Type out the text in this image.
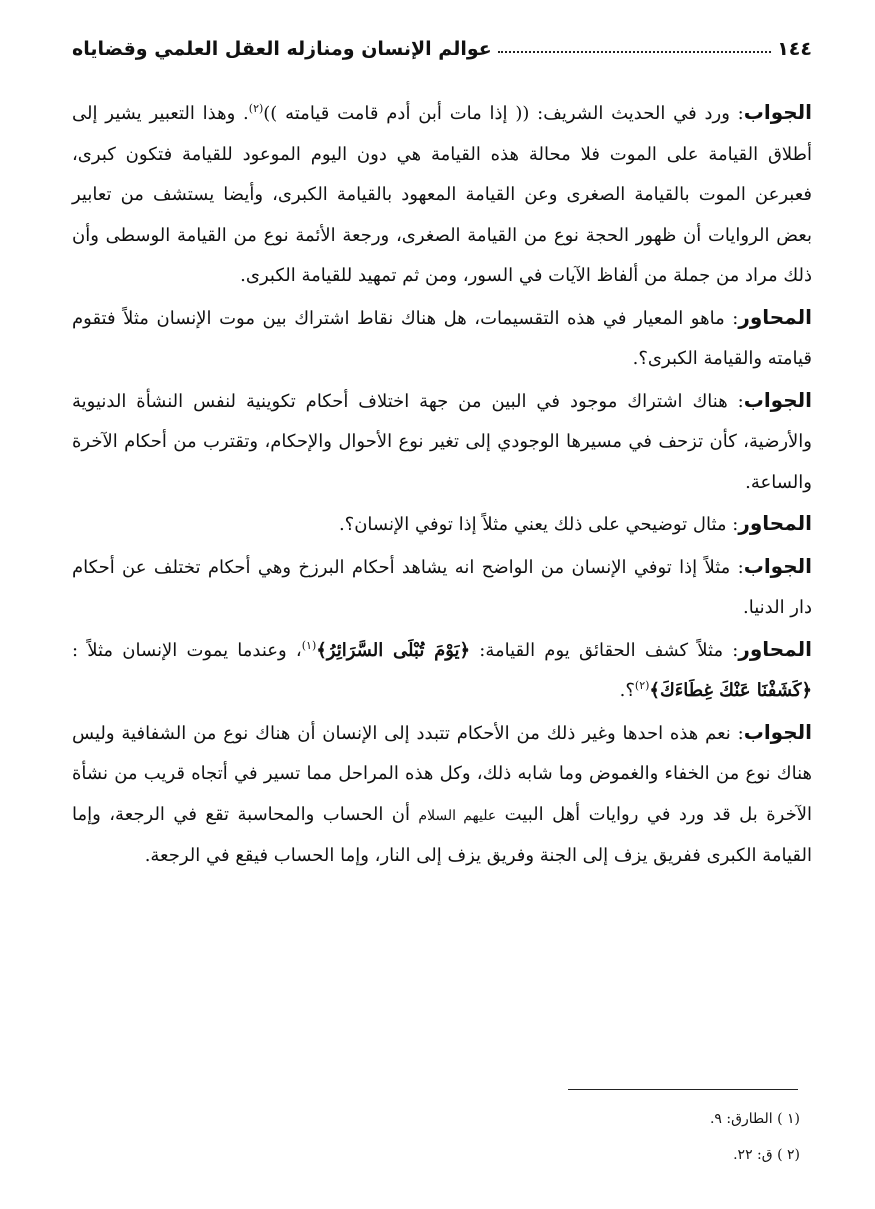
١٤٤
عوالم الإنسان ومنازله العقل العلمي وقضاياه

الجواب: ورد في الحديث الشريف: (( إذا مات أبن أدم قامت قيامته ))$^{(٢)}$. وهذا التعبير يشير إلى أطلاق القيامة على الموت فلا محالة هذه القيامة هي دون اليوم الموعود للقيامة فتكون كبرى، فعبرعن الموت بالقيامة الصغرى وعن القيامة المعهود بالقيامة الكبرى، وأيضا يستشف من تعابير بعض الروايات أن ظهور الحجة نوع من القيامة الصغرى، ورجعة الأئمة نوع من القيامة الوسطى وأن ذلك مراد من جملة من ألفاظ الآيات في السور، ومن ثم تمهيد للقيامة الكبرى.

المحاور: ماهو المعيار في هذه التقسيمات، هل هناك نقاط اشتراك بين موت الإنسان مثلاً فتقوم قيامته والقيامة الكبرى؟.

الجواب: هناك اشتراك موجود في البين من جهة اختلاف أحكام تكوينية لنفس النشأة الدنيوية والأرضية، كأن تزحف في مسيرها الوجودي إلى تغير نوع الأحوال والإحكام، وتقترب من أحكام الآخرة والساعة.

المحاور: مثال توضيحي على ذلك يعني مثلاً إذا توفي الإنسان؟.

الجواب: مثلاً إذا توفي الإنسان من الواضح انه يشاهد أحكام البرزخ وهي أحكام تختلف عن أحكام دار الدنيا.

المحاور: مثلاً كشف الحقائق يوم القيامة: ﴿يَوْمَ تُبْلَى السَّرَائِرُ﴾$^{(١)}$، وعندما يموت الإنسان مثلاً : ﴿كَشَفْنَا عَنْكَ غِطَاءَكَ﴾$^{(٢)}$؟.

الجواب: نعم هذه احدها وغير ذلك من الأحكام تتبدد إلى الإنسان أن هناك نوع من الشفافية وليس هناك نوع من الخفاء والغموض وما شابه ذلك، وكل هذه المراحل مما تسير في أتجاه قريب من نشأة الآخرة بل قد ورد في روايات أهل البيت عليهم السلام أن الحساب والمحاسبة تقع في الرجعة، وإما القيامة الكبرى ففريق يزف إلى الجنة وفريق يزف إلى النار، وإما الحساب فيقع في الرجعة.

(١ ) الطارق: ٩.
(٢ ) ق: ٢٢.
